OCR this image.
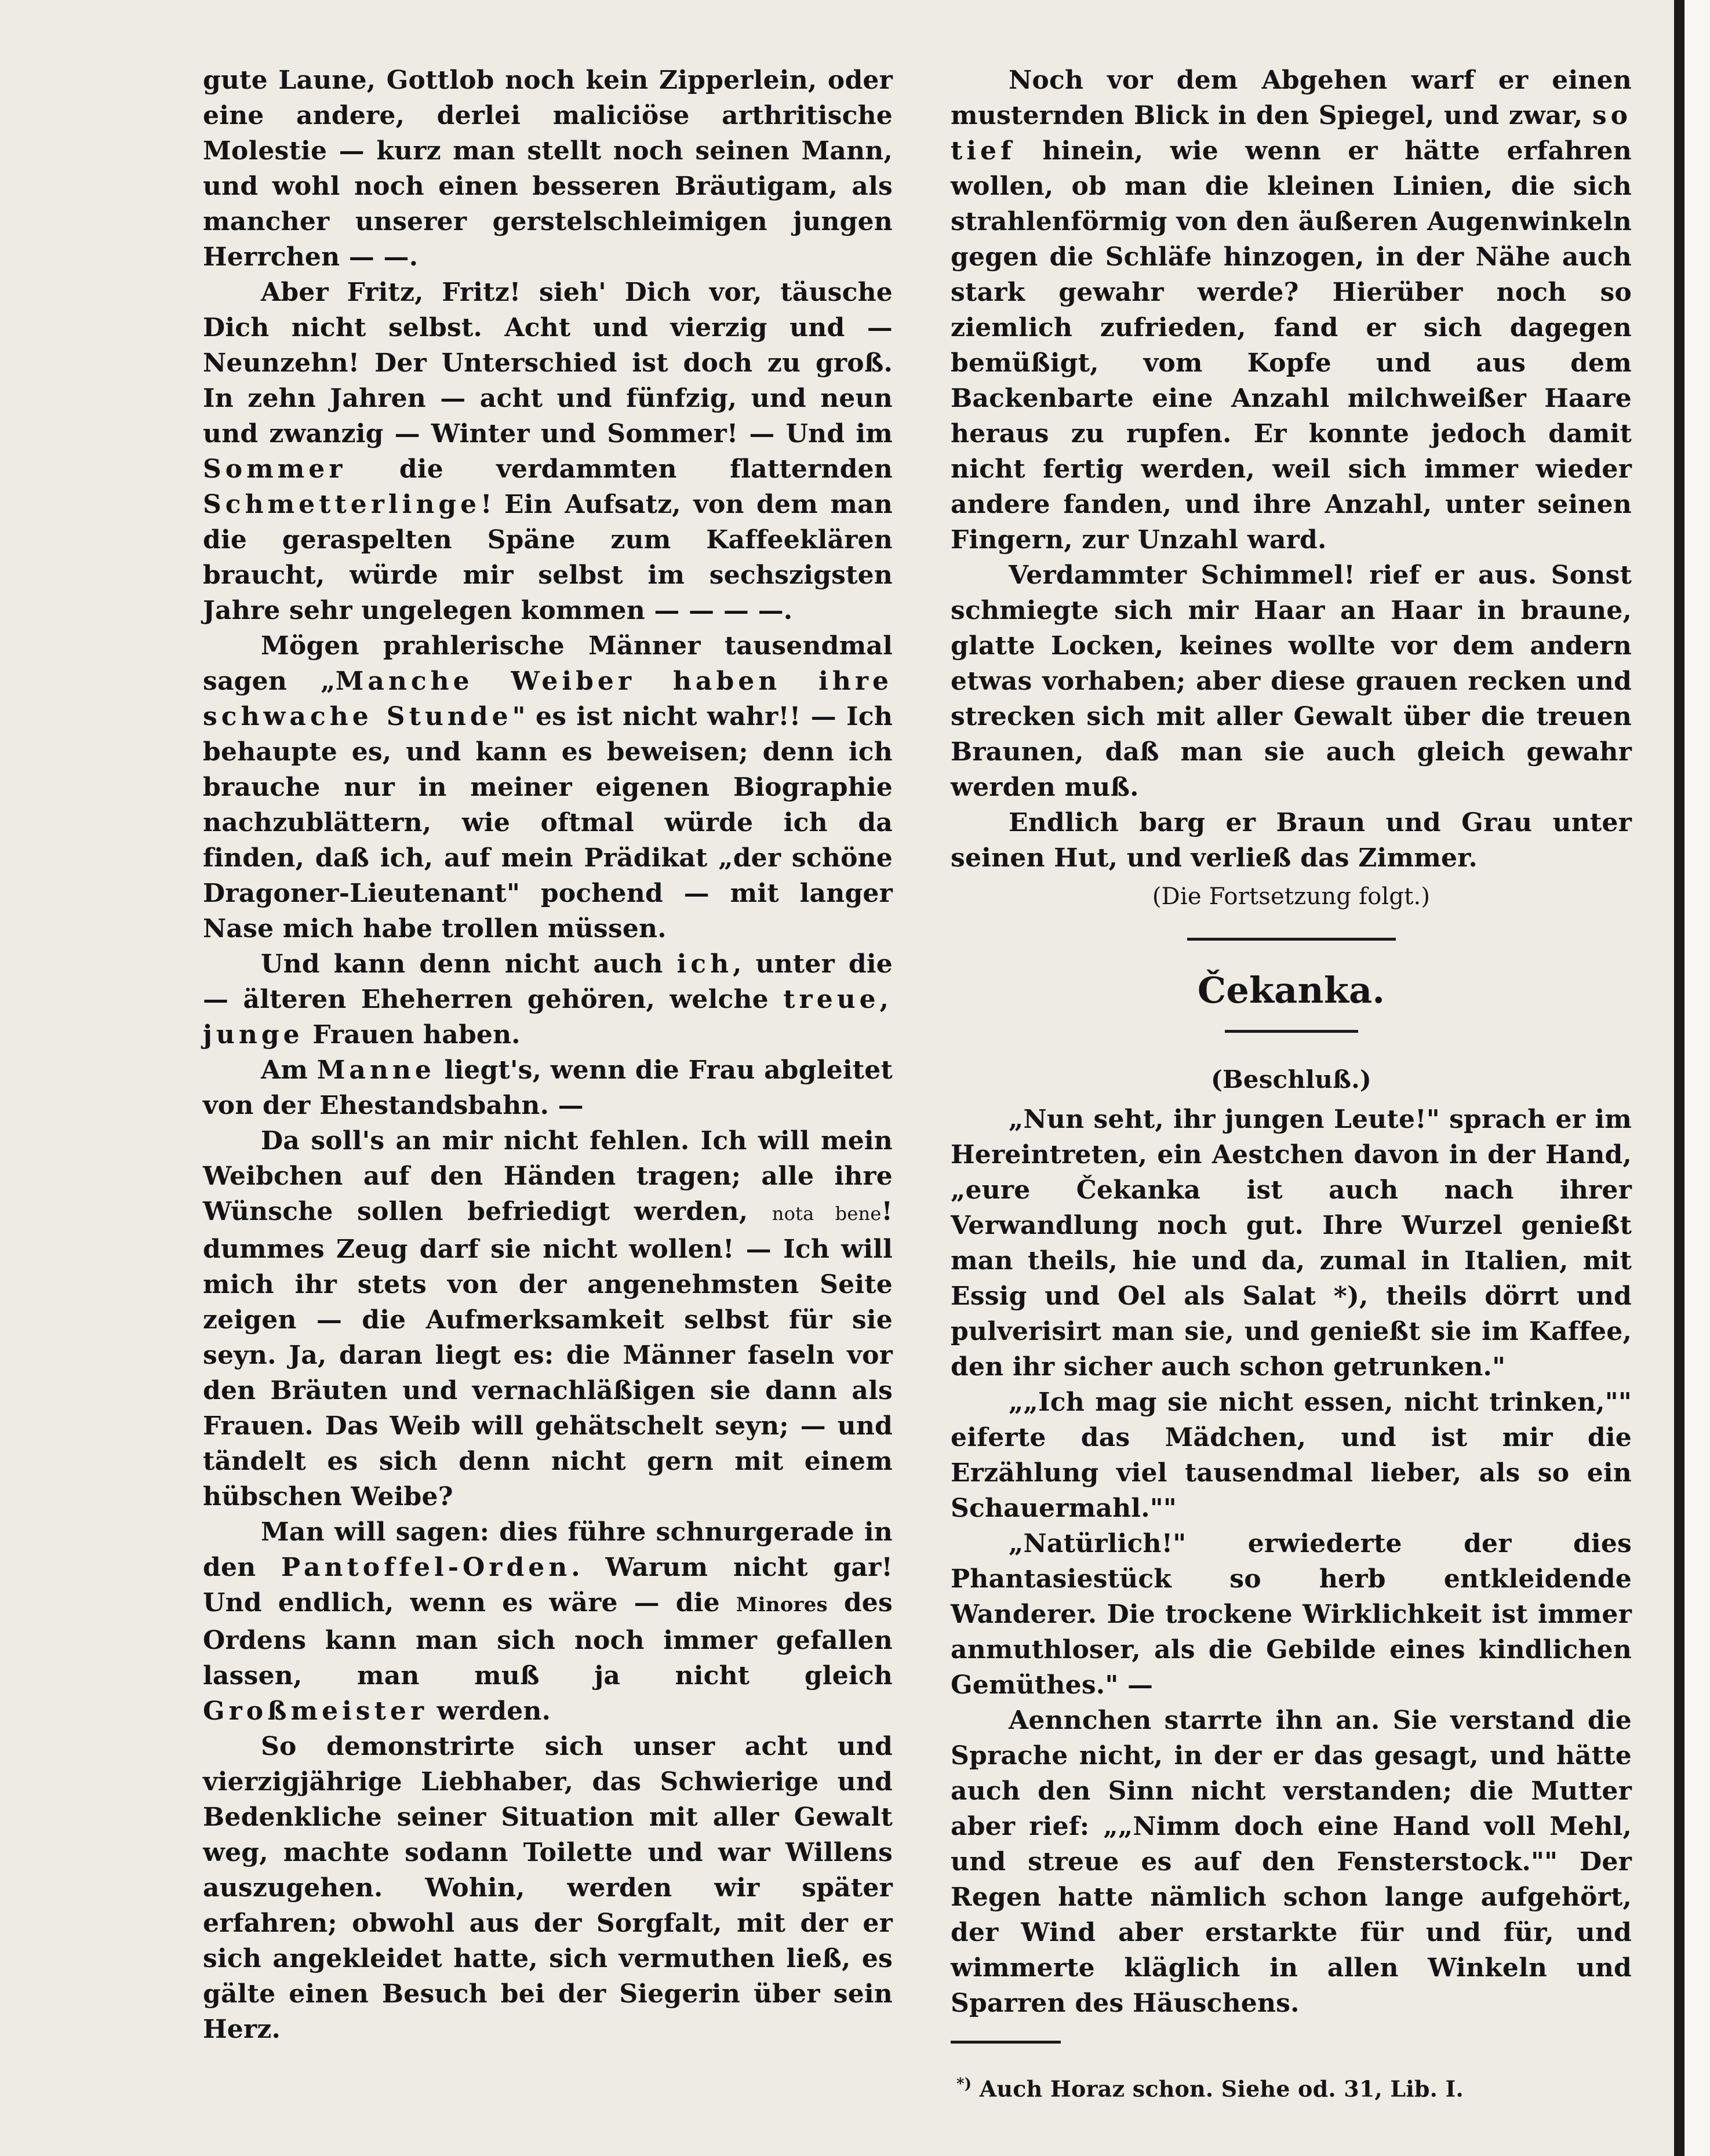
gute Laune, Gottlob noch kein Zipperlein, oder eine andere, derlei maliciöse arthritische Molestie — kurz man stellt noch seinen Mann, und wohl noch einen besseren Bräutigam, als mancher unserer gerstelschleimigen jungen Herrchen — —.

Aber Fritz, Fritz! sieh' Dich vor, täusche Dich nicht selbst. Acht und vierzig und — Neunzehn! Der Unterschied ist doch zu groß. In zehn Jahren — acht und fünfzig, und neun und zwanzig — Winter und Sommer! — Und im Sommer die verdammten flatternden Schmetterlinge! Ein Aufsatz, von dem man die geraspelten Späne zum Kaffeeklären braucht, würde mir selbst im sechszigsten Jahre sehr ungelegen kommen — — — —.

Mögen prahlerische Männer tausendmal sagen „Manche Weiber haben ihre schwache Stunde" es ist nicht wahr!! — Ich behaupte es, und kann es beweisen; denn ich brauche nur in meiner eigenen Biographie nachzublättern, wie oftmal würde ich da finden, daß ich, auf mein Prädikat „der schöne Dragoner-Lieutenant" pochend — mit langer Nase mich habe trollen müssen.

Und kann denn nicht auch ich, unter die — älteren Eheherren gehören, welche treue, junge Frauen haben.

Am Manne liegt's, wenn die Frau abgleitet von der Ehestandsbahn. —

Da soll's an mir nicht fehlen. Ich will mein Weibchen auf den Händen tragen; alle ihre Wünsche sollen befriedigt werden, nota bene! dummes Zeug darf sie nicht wollen! — Ich will mich ihr stets von der angenehmsten Seite zeigen — die Aufmerksamkeit selbst für sie seyn. Ja, daran liegt es: die Männer faseln vor den Bräuten und vernachläßigen sie dann als Frauen. Das Weib will gehätschelt seyn; — und tändelt es sich denn nicht gern mit einem hübschen Weibe?

Man will sagen: dies führe schnurgerade in den Pantoffel-Orden. Warum nicht gar! Und endlich, wenn es wäre — die Minores des Ordens kann man sich noch immer gefallen lassen, man muß ja nicht gleich Großmeister werden.

So demonstrirte sich unser acht und vierzigjährige Liebhaber, das Schwierige und Bedenkliche seiner Situation mit aller Gewalt weg, machte sodann Toilette und war Willens auszugehen. Wohin, werden wir später erfahren; obwohl aus der Sorgfalt, mit der er sich angekleidet hatte, sich vermuthen ließ, es gälte einen Besuch bei der Siegerin über sein Herz.

Noch vor dem Abgehen warf er einen musternden Blick in den Spiegel, und zwar, so tief hinein, wie wenn er hätte erfahren wollen, ob man die kleinen Linien, die sich strahlenförmig von den äußeren Augenwinkeln gegen die Schläfe hinzogen, in der Nähe auch stark gewahr werde? Hierüber noch so ziemlich zufrieden, fand er sich dagegen bemüßigt, vom Kopfe und aus dem Backenbarte eine Anzahl milchweißer Haare heraus zu rupfen. Er konnte jedoch damit nicht fertig werden, weil sich immer wieder andere fanden, und ihre Anzahl, unter seinen Fingern, zur Unzahl ward.

Verdammter Schimmel! rief er aus. Sonst schmiegte sich mir Haar an Haar in braune, glatte Locken, keines wollte vor dem andern etwas vorhaben; aber diese grauen recken und strecken sich mit aller Gewalt über die treuen Braunen, daß man sie auch gleich gewahr werden muß.

Endlich barg er Braun und Grau unter seinen Hut, und verließ das Zimmer.

(Die Fortsetzung folgt.)

Čekanka.

(Beschluß.)

„Nun seht, ihr jungen Leute!" sprach er im Hereintreten, ein Aestchen davon in der Hand, „eure Čekanka ist auch nach ihrer Verwandlung noch gut. Ihre Wurzel genießt man theils, hie und da, zumal in Italien, mit Essig und Oel als Salat *), theils dörrt und pulverisirt man sie, und genießt sie im Kaffee, den ihr sicher auch schon getrunken."

„„Ich mag sie nicht essen, nicht trinken,"" eiferte das Mädchen, und ist mir die Erzählung viel tausendmal lieber, als so ein Schauermahl.""

„Natürlich!" erwiederte der dies Phantasiestück so herb entkleidende Wanderer. Die trockene Wirklichkeit ist immer anmuthloser, als die Gebilde eines kindlichen Gemüthes." —

Aennchen starrte ihn an. Sie verstand die Sprache nicht, in der er das gesagt, und hätte auch den Sinn nicht verstanden; die Mutter aber rief: „„Nimm doch eine Hand voll Mehl, und streue es auf den Fensterstock."" Der Regen hatte nämlich schon lange aufgehört, der Wind aber erstarkte für und für, und wimmerte kläglich in allen Winkeln und Sparren des Häuschens.

*) Auch Horaz schon. Siehe od. 31, Lib. I.
